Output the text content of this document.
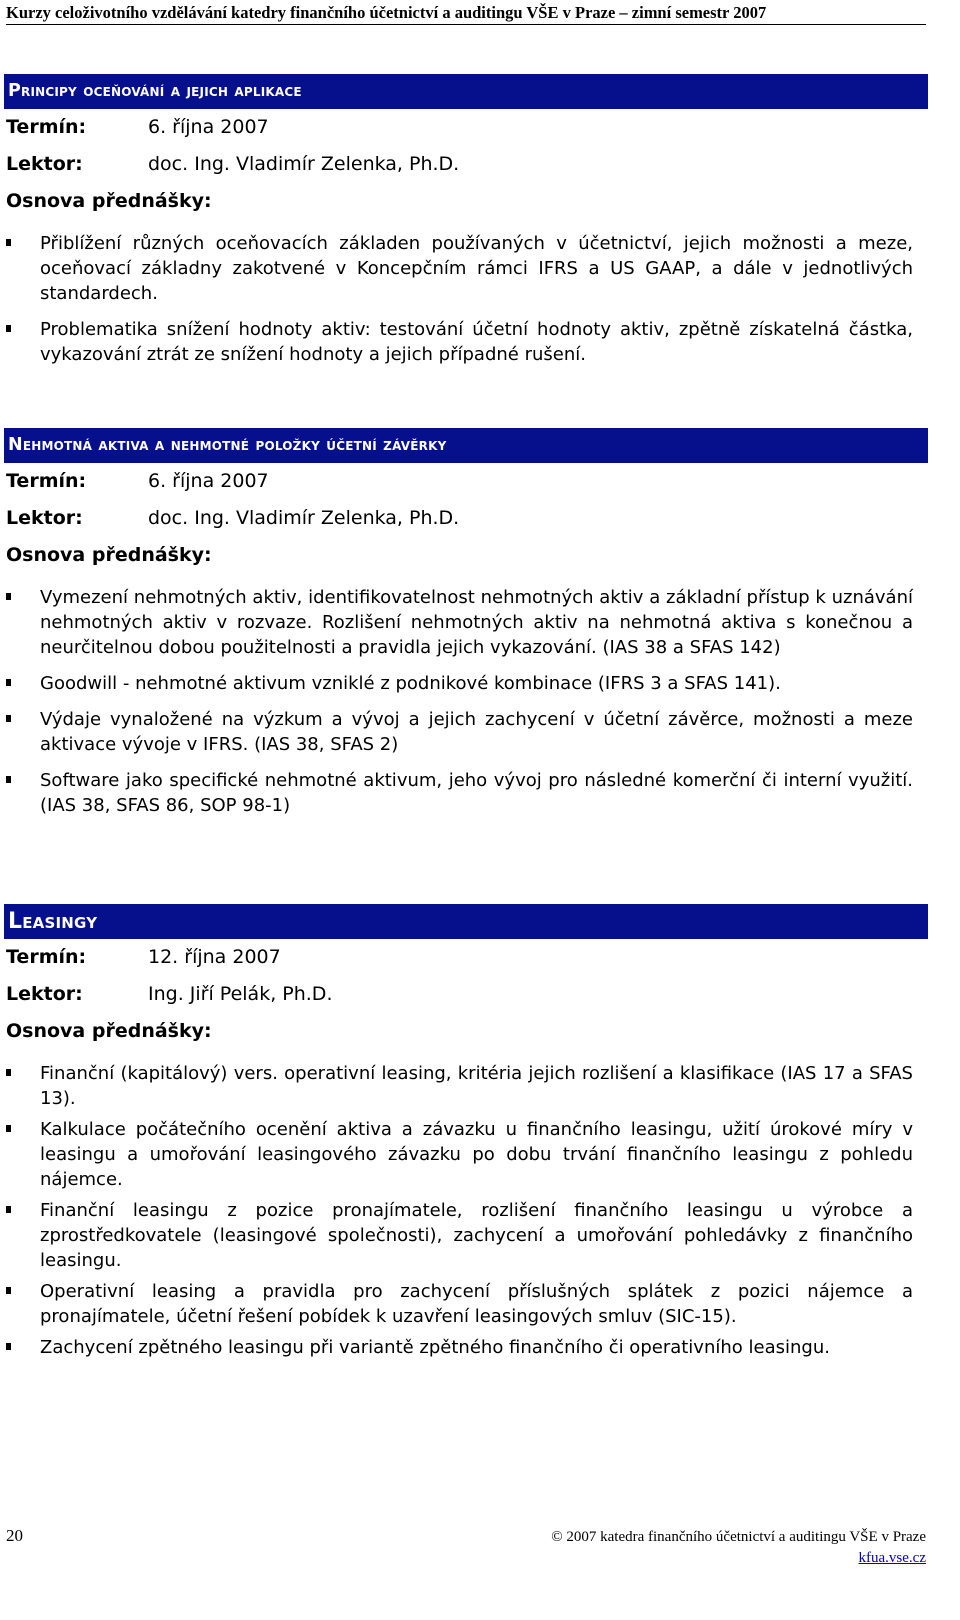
Kurzy celoživotního vzdělávání katedry finančního účetnictví a auditingu VŠE v Praze – zimní semestr 2007
Principy oceňování a jejich aplikace
Termín:	6. října 2007
Lektor:	doc. Ing. Vladimír Zelenka, Ph.D.
Osnova přednášky:
Přiblížení různých oceňovacích základen používaných v účetnictví, jejich možnosti a meze, oceňovací základny zakotvené v Koncepčním rámci IFRS a US GAAP, a dále v jednotlivých standardech.
Problematika snížení hodnoty aktiv: testování účetní hodnoty aktiv, zpětně získatelná částka, vykazování ztrát ze snížení hodnoty a jejich případné rušení.
Nehmotná aktiva a nehmotné položky účetní závěrky
Termín:	6. října 2007
Lektor:	doc. Ing. Vladimír Zelenka, Ph.D.
Osnova přednášky:
Vymezení nehmotných aktiv, identifikovatelnost nehmotných aktiv a základní přístup k uznávání nehmotných aktiv v rozvaze. Rozlišení nehmotných aktiv na nehmotná aktiva s konečnou a neurčitelnou dobou použitelnosti a pravidla jejich vykazování. (IAS 38 a SFAS 142)
Goodwill - nehmotné aktivum vzniklé z podnikové kombinace (IFRS 3 a SFAS 141).
Výdaje vynaložené na výzkum a vývoj a jejich zachycení v účetní závěrce, možnosti a meze aktivace vývoje v IFRS. (IAS 38, SFAS 2)
Software jako specifické nehmotné aktivum, jeho vývoj pro následné komerční či interní využití. (IAS 38, SFAS 86, SOP 98-1)
Leasingy
Termín:	12. října 2007
Lektor:	Ing. Jiří Pelák, Ph.D.
Osnova přednášky:
Finanční (kapitálový) vers. operativní leasing, kritéria jejich rozlišení a klasifikace (IAS 17 a SFAS 13).
Kalkulace počátečního ocenění aktiva a závazku u finančního leasingu, užití úrokové míry v leasingu a umořování leasingového závazku po dobu trvání finančního leasingu z pohledu nájemce.
Finanční leasingu z pozice pronajímatele, rozlišení finančního leasingu u výrobce a zprostředkovatele (leasingové společnosti), zachycení a umořování pohledávky z finančního leasingu.
Operativní leasing a pravidla pro zachycení příslušných splátek z pozici nájemce a pronajímatele, účetní řešení pobídek k uzavření leasingových smluv (SIC-15).
Zachycení zpětného leasingu při variantě zpětného finančního či operativního leasingu.
20	© 2007 katedra finančního účetnictví a auditingu VŠE v Praze
kfua.vse.cz
